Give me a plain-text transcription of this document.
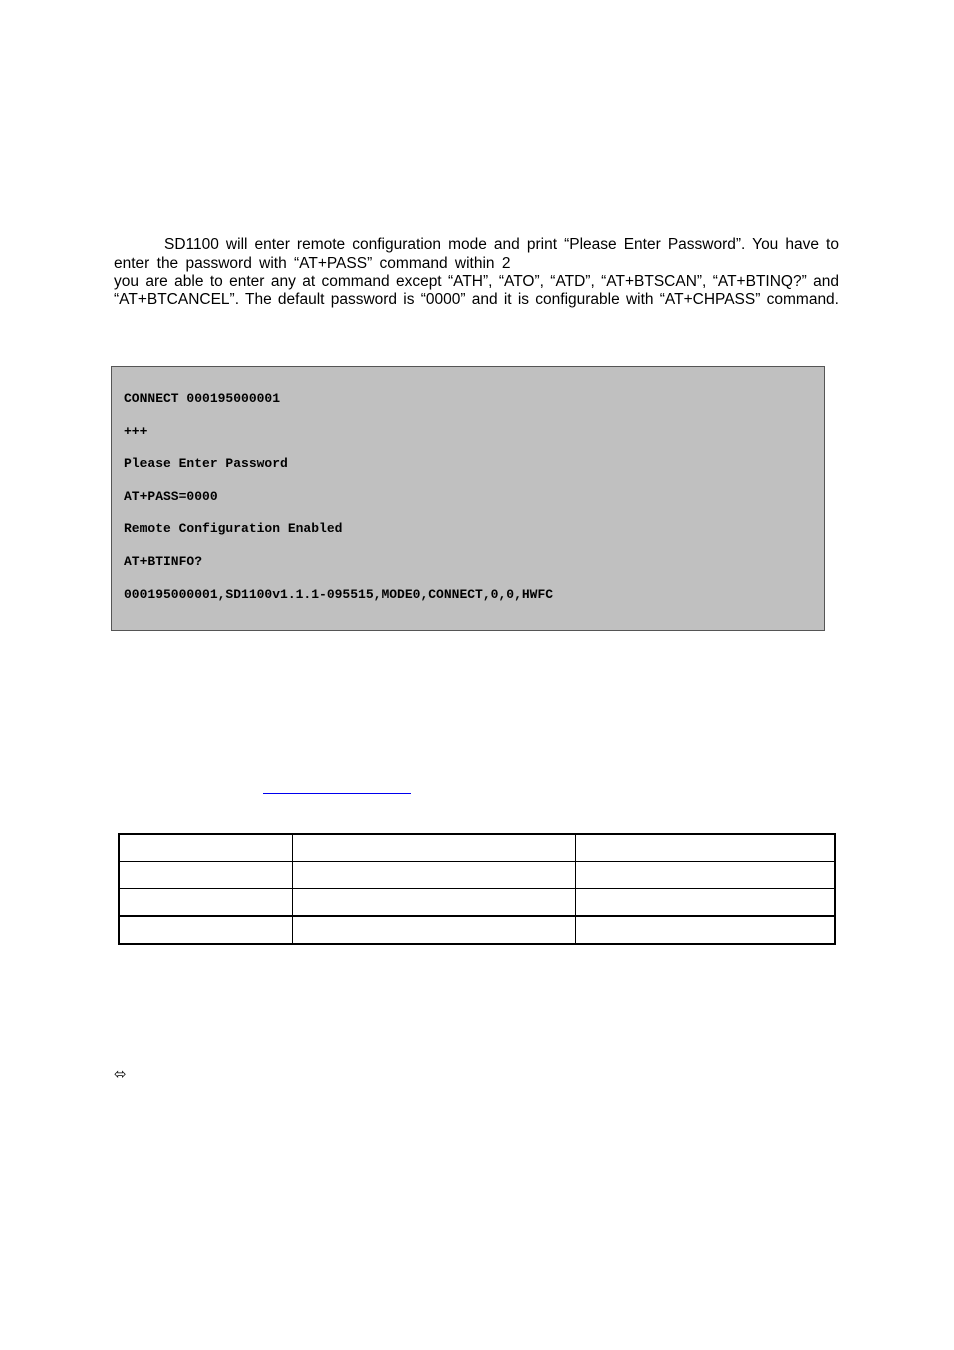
SD1100 will enter remote configuration mode and print “Please Enter Password”. You have to
enter the password with “AT+PASS” command within 2
you are able to enter any at command except “ATH”, “ATO”, “ATD”, “AT+BTSCAN”, “AT+BTINQ?” and
“AT+BTCANCEL”. The default password is “0000” and it is configurable with “AT+CHPASS” command.
CONNECT 000195000001
+++
Please Enter Password
AT+PASS=0000
Remote Configuration Enabled
AT+BTINFO?
000195000001,SD1100v1.1.1-095515,MODE0,CONNECT,0,0,HWFC

⬄
